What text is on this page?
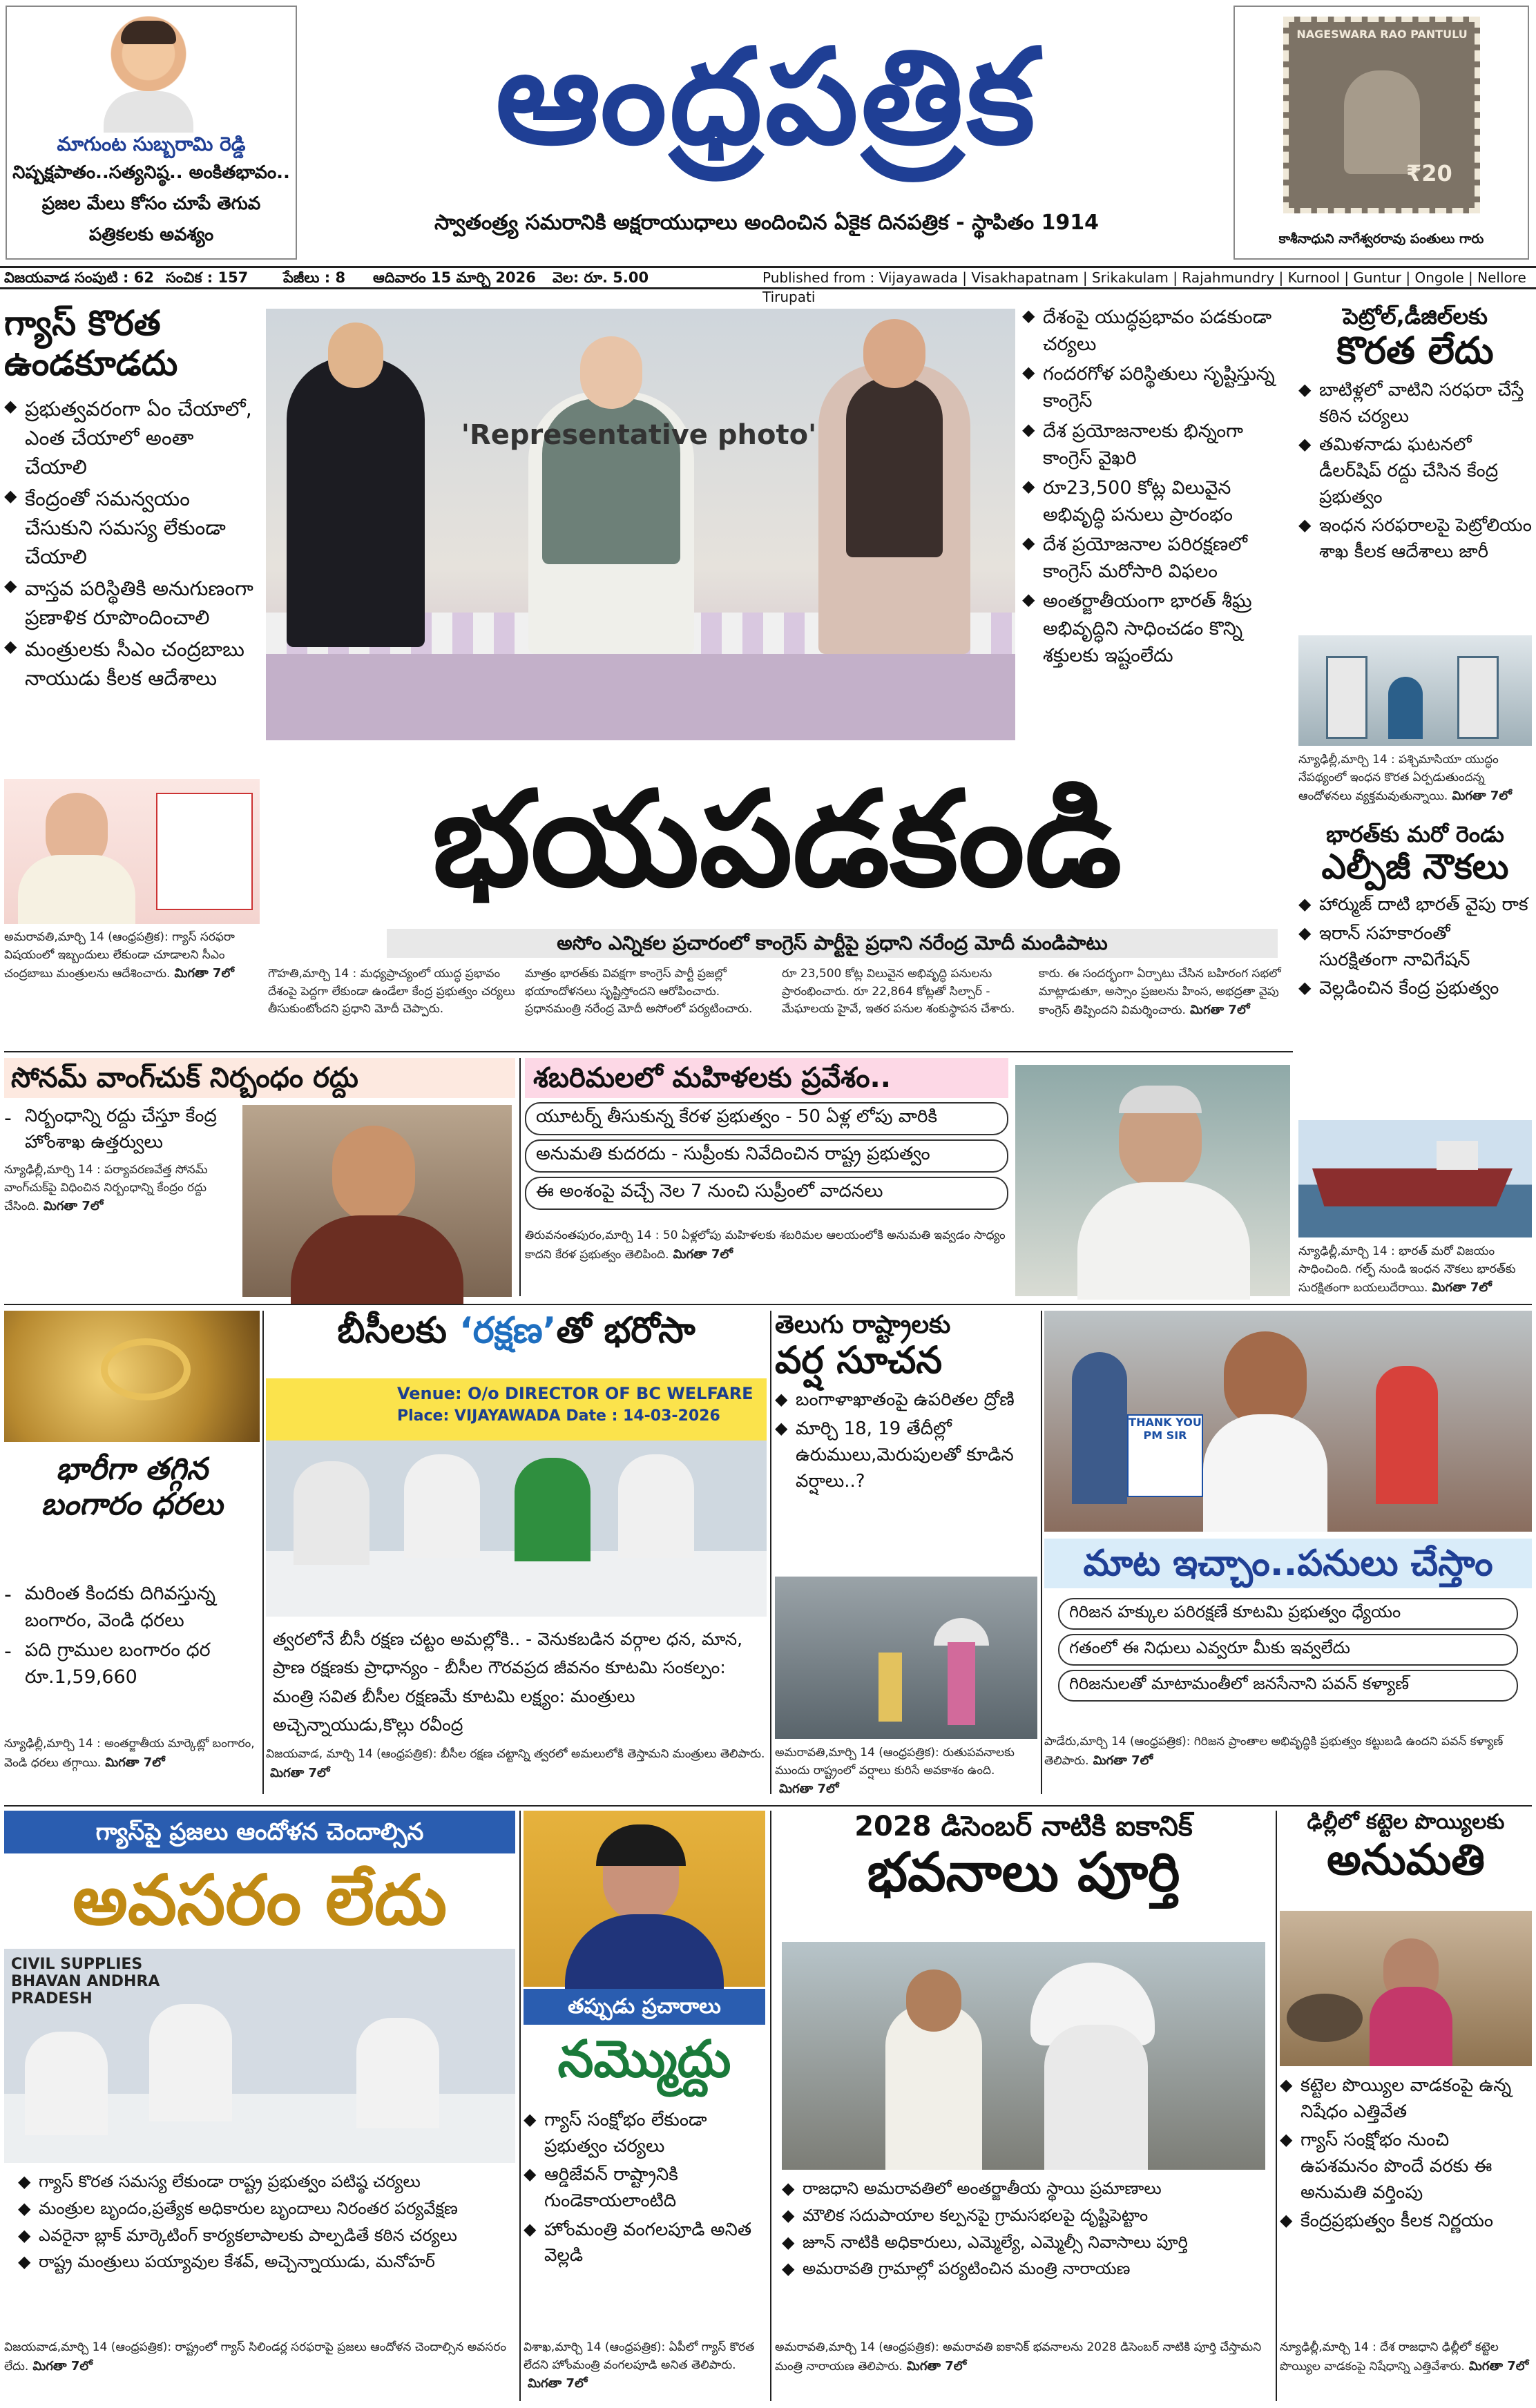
మాగుంట సుబ్బరామి రెడ్డి
నిష్పక్షపాతం..సత్యనిష్ఠ.. అంకితభావం..
ప్రజల మేలు కోసం చూపే తెగువ
పత్రికలకు అవశ్యం
ఆంధ్రపత్రిక
స్వాతంత్ర్య సమరానికి అక్షరాయుధాలు అందించిన ఏకైక దినపత్రిక - స్థాపితం 1914
NAGESWARA RAO PANTULU
₹20
కాశీనాధుని నాగేశ్వరరావు పంతులు గారు
విజయవాడ సంపుటి : 62 సంచిక : 157 పేజీలు : 8 ఆదివారం 15 మార్చి 2026 వెల: రూ. 5.00	Published from : Vijayawada | Visakhapatnam | Srikakulam | Rajahmundry | Kurnool | Guntur | Ongole | Nellore Tirupati
గ్యాస్ కొరత ఉండకూడదు
◆ ప్రభుత్వవరంగా ఏం చేయాలో, ఎంత చేయాలో అంతా చేయాలి
◆ కేంద్రంతో సమన్వయం చేసుకుని సమస్య లేకుండా చేయాలి
◆ వాస్తవ పరిస్థితికి అనుగుణంగా ప్రణాళిక రూపొందించాలి
◆ మంత్రులకు సీఎం చంద్రబాబు నాయుడు కీలక ఆదేశాలు
'Representative photo'
◆ దేశంపై యుద్ధప్రభావం పడకుండా చర్యలు
◆ గందరగోళ పరిస్థితులు సృష్టిస్తున్న కాంగ్రెస్
◆ దేశ ప్రయోజనాలకు భిన్నంగా కాంగ్రెస్ వైఖరి
◆ రూ23,500 కోట్ల విలువైన అభివృద్ధి పనులు ప్రారంభం
◆ దేశ ప్రయోజనాల పరిరక్షణలో కాంగ్రెస్ మరోసారి విఫలం
◆ అంతర్జాతీయంగా భారత్ శీఘ్ర అభివృద్ధిని సాధించడం కొన్ని శక్తులకు ఇష్టంలేదు
పెట్రోల్,డీజిల్‌లకు
కొరత లేదు
◆ బాటిళ్లలో వాటిని సరఫరా చేస్తే కఠిన చర్యలు
◆ తమిళనాడు ఘటనలో డీలర్‌షిప్ రద్దు చేసిన కేంద్ర ప్రభుత్వం
◆ ఇంధన సరఫరాలపై పెట్రోలియం శాఖ కీలక ఆదేశాలు జారీ
న్యూఢిల్లీ,మార్చి 14 : పశ్చిమాసియా యుద్ధం నేపథ్యంలో ఇంధన కొరత ఏర్పడుతుందన్న ఆందోళనలు వ్యక్తమవుతున్నాయి. మిగతా 7లో
అమరావతి,మార్చి 14 (ఆంధ్రపత్రిక): గ్యాస్ సరఫరా విషయంలో ఇబ్బందులు లేకుండా చూడాలని సీఎం చంద్రబాబు మంత్రులను ఆదేశించారు. మిగతా 7లో
భయపడకండి
అసోం ఎన్నికల ప్రచారంలో కాంగ్రెస్ పార్టీపై ప్రధాని నరేంద్ర మోదీ మండిపాటు
గౌహతి,మార్చి 14 : మధ్యప్రాచ్యంలో యుద్ధ ప్రభావం దేశంపై పెద్దగా లేకుండా ఉండేలా కేంద్ర ప్రభుత్వం చర్యలు తీసుకుంటోందని ప్రధాని మోదీ చెప్పారు.
మాత్రం భారత్‌కు వివక్షగా కాంగ్రెస్ పార్టీ ప్రజల్లో భయాందోళనలు సృష్టిస్తోందని ఆరోపించారు. ప్రధానమంత్రి నరేంద్ర మోదీ అసోంలో పర్యటించారు.
రూ 23,500 కోట్ల విలువైన అభివృద్ధి పనులను ప్రారంభించారు. రూ 22,864 కోట్లతో సిల్చార్ - మేఘాలయ హైవే, ఇతర పనుల శంకుస్థాపన చేశారు.
కారు. ఈ సందర్భంగా ఏర్పాటు చేసిన బహిరంగ సభలో మాట్లాడుతూ, అస్సాం ప్రజలను హింస, అభద్రతా వైపు కాంగ్రెస్ తిప్పిందని విమర్శించారు. మిగతా 7లో
భారత్‌కు మరో రెండు
ఎల్పీజీ నౌకలు
◆ హార్ముజ్ దాటి భారత్ వైపు రాక
◆ ఇరాన్ సహకారంతో సురక్షితంగా నావిగేషన్
◆ వెల్లడించిన కేంద్ర ప్రభుత్వం
న్యూఢిల్లీ,మార్చి 14 : భారత్ మరో విజయం సాధించింది. గల్ఫ్ నుండి ఇంధన నౌకలు భారత్‌కు సురక్షితంగా బయలుదేరాయి. మిగతా 7లో
సోనమ్ వాంగ్‌చుక్ నిర్బంధం రద్దు
- నిర్బంధాన్ని రద్దు చేస్తూ కేంద్ర హోంశాఖ ఉత్తర్వులు
న్యూఢిల్లీ,మార్చి 14 : పర్యావరణవేత్త సోనమ్ వాంగ్‌చుక్‌పై విధించిన నిర్బంధాన్ని కేంద్రం రద్దు చేసింది. మిగతా 7లో
శబరిమలలో మహిళలకు ప్రవేశం..
యూటర్న్ తీసుకున్న కేరళ ప్రభుత్వం - 50 ఏళ్ల లోపు వారికి
అనుమతి కుదరదు - సుప్రీంకు నివేదించిన రాష్ట్ర ప్రభుత్వం
ఈ అంశంపై వచ్చే నెల 7 నుంచి సుప్రీంలో వాదనలు
తిరువనంతపురం,మార్చి 14 : 50 ఏళ్లలోపు మహిళలకు శబరిమల ఆలయంలోకి అనుమతి ఇవ్వడం సాధ్యం కాదని కేరళ ప్రభుత్వం తెలిపింది. మిగతా 7లో
భారీగా తగ్గిన బంగారం ధరలు
- మరింత కిందకు దిగివస్తున్న బంగారం, వెండి ధరలు
- పది గ్రాముల బంగారం ధర రూ.1,59,660
న్యూఢిల్లీ,మార్చి 14 : అంతర్జాతీయ మార్కెట్లో బంగారం, వెండి ధరలు తగ్గాయి. మిగతా 7లో
బీసీలకు ‘రక్షణ’తో భరోసా
Venue: O/o DIRECTOR OF BC WELFARE
Place: VIJAYAWADA Date : 14-03-2026
త్వరలోనే బీసీ రక్షణ చట్టం అమల్లోకి.. - వెనుకబడిన వర్గాల ధన, మాన, ప్రాణ రక్షణకు ప్రాధాన్యం - బీసీల గౌరవప్రద జీవనం కూటమి సంకల్పం: మంత్రి సవిత బీసీల రక్షణమే కూటమి లక్ష్యం: మంత్రులు అచ్చెన్నాయుడు,కొల్లు రవీంద్ర
విజయవాడ, మార్చి 14 (ఆంధ్రపత్రిక): బీసీల రక్షణ చట్టాన్ని త్వరలో అమలులోకి తెస్తామని మంత్రులు తెలిపారు.మిగతా 7లో
తెలుగు రాష్ట్రాలకు
వర్ష సూచన
◆ బంగాళాఖాతంపై ఉపరితల ద్రోణి
◆ మార్చి 18, 19 తేదీల్లో ఉరుములు,మెరుపులతో కూడిన వర్షాలు..?
అమరావతి,మార్చి 14 (ఆంధ్రపత్రిక): రుతుపవనాలకు ముందు రాష్ట్రంలో వర్షాలు కురిసే అవకాశం ఉంది.మిగతా 7లో
THANK YOU PM SIR
మాట ఇచ్చాం..పనులు చేస్తాం
గిరిజన హక్కుల పరిరక్షణే కూటమి ప్రభుత్వం ధ్యేయం
గతంలో ఈ నిధులు ఎవ్వరూ మీకు ఇవ్వలేదు
గిరిజనులతో మాటామంతీలో జనసేనాని పవన్ కళ్యాణ్
పాడేరు,మార్చి 14 (ఆంధ్రపత్రిక): గిరిజన ప్రాంతాల అభివృద్ధికి ప్రభుత్వం కట్టుబడి ఉందని పవన్ కళ్యాణ్ తెలిపారు. మిగతా 7లో
గ్యాస్‌పై ప్రజలు ఆందోళన చెందాల్సిన
అవసరం లేదు
CIVIL SUPPLIES BHAVAN ANDHRA PRADESH
◆ గ్యాస్ కొరత సమస్య లేకుండా రాష్ట్ర ప్రభుత్వం పటిష్ఠ చర్యలు
◆ మంత్రుల బృందం,ప్రత్యేక అధికారుల బృందాలు నిరంతర పర్యవేక్షణ
◆ ఎవరైనా బ్లాక్ మార్కెటింగ్ కార్యకలాపాలకు పాల్పడితే కఠిన చర్యలు
◆ రాష్ట్ర మంత్రులు పయ్యావుల కేశవ్, అచ్చెన్నాయుడు, మనోహర్
విజయవాడ,మార్చి 14 (ఆంధ్రపత్రిక): రాష్ట్రంలో గ్యాస్ సిలిండర్ల సరఫరాపై ప్రజలు ఆందోళన చెందాల్సిన అవసరం లేదు. మిగతా 7లో
తప్పుడు ప్రచారాలు
నమ్మొద్దు
◆ గ్యాస్ సంక్షోభం లేకుండా ప్రభుత్వం చర్యలు
◆ ఆర్డిజేవన్ రాష్ట్రానికి గుండెకాయలాంటిది
◆ హోంమంత్రి వంగలపూడి అనిత వెల్లడి
విశాఖ,మార్చి 14 (ఆంధ్రపత్రిక): ఏపీలో గ్యాస్ కొరత లేదని హోంమంత్రి వంగలపూడి అనిత తెలిపారు.మిగతా 7లో
2028 డిసెంబర్ నాటికి ఐకానిక్
భవనాలు పూర్తి
◆ రాజధాని అమరావతిలో అంతర్జాతీయ స్థాయి ప్రమాణాలు
◆ మౌలిక సదుపాయాల కల్పనపై గ్రామసభలపై దృష్టిపెట్టాం
◆ జూన్ నాటికి అధికారులు, ఎమ్మెల్యే, ఎమ్మెల్సీ నివాసాలు పూర్తి
◆ అమరావతి గ్రామాల్లో పర్యటించిన మంత్రి నారాయణ
అమరావతి,మార్చి 14 (ఆంధ్రపత్రిక): అమరావతి ఐకానిక్ భవనాలను 2028 డిసెంబర్ నాటికి పూర్తి చేస్తామని మంత్రి నారాయణ తెలిపారు. మిగతా 7లో
ఢిల్లీలో కట్టెల పొయ్యిలకు
అనుమతి
◆ కట్టెల పొయ్యిల వాడకంపై ఉన్న నిషేధం ఎత్తివేత
◆ గ్యాస్ సంక్షోభం నుంచి ఉపశమనం పొందే వరకు ఈ అనుమతి వర్తింపు
◆ కేంద్రప్రభుత్వం కీలక నిర్ణయం
న్యూఢిల్లీ,మార్చి 14 : దేశ రాజధాని ఢిల్లీలో కట్టెల పొయ్యిల వాడకంపై నిషేధాన్ని ఎత్తివేశారు. మిగతా 7లో
